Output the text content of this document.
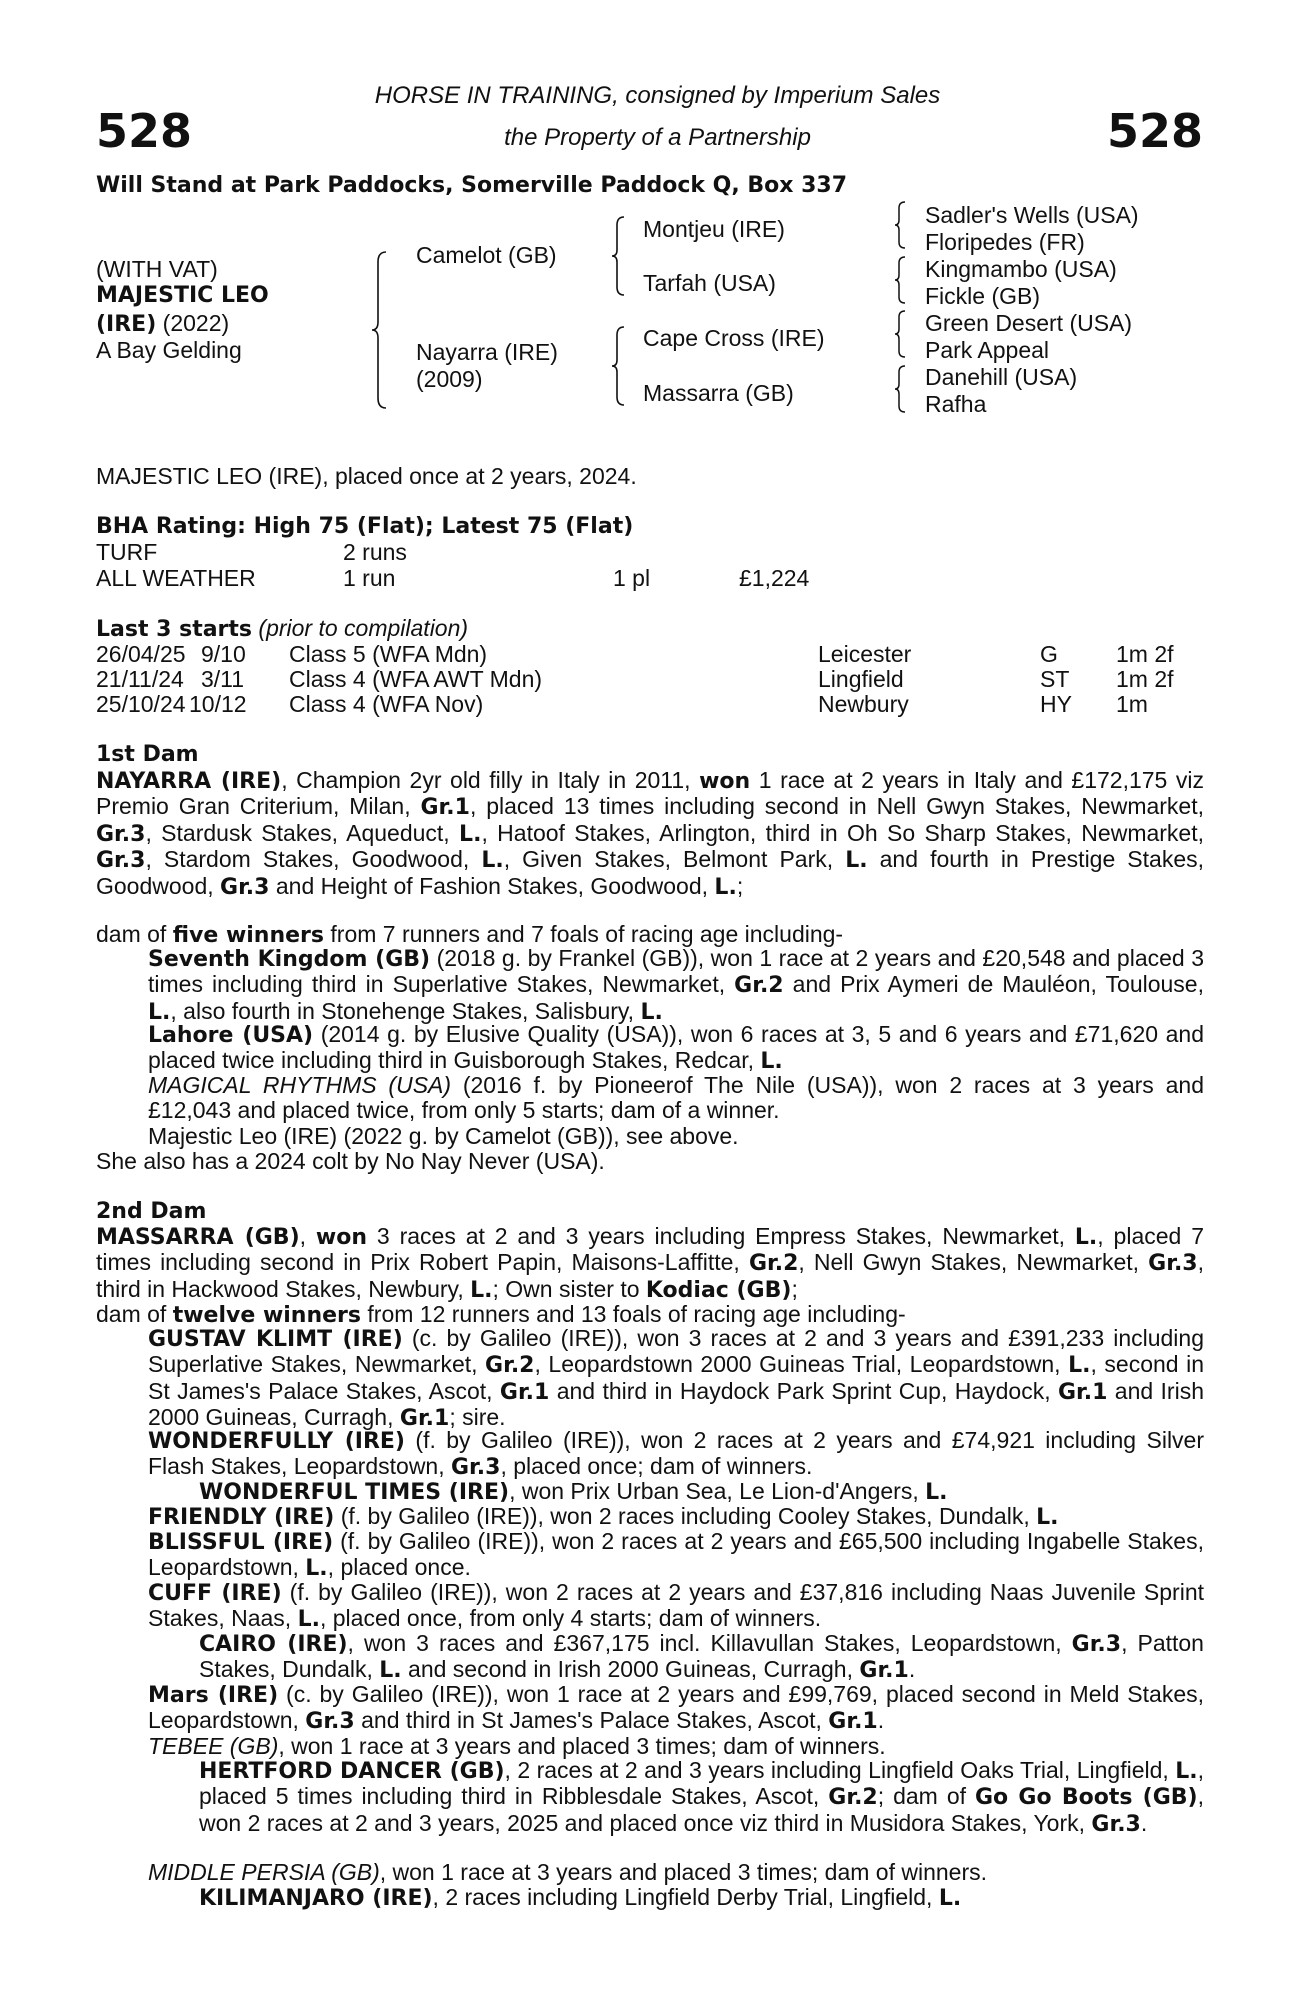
528	528
HORSE IN TRAINING, consigned by Imperium Sales
the Property of a Partnership
Will Stand at Park Paddocks, Somerville Paddock Q, Box 337
(WITH VAT)
MAJESTIC LEO
(IRE) (2022)
A Bay Gelding
Camelot (GB)
Nayarra (IRE)
(2009)
Montjeu (IRE)
Tarfah (USA)
Cape Cross (IRE)
Massarra (GB)
Sadler's Wells (USA)
Floripedes (FR)
Kingmambo (USA)
Fickle (GB)
Green Desert (USA)
Park Appeal
Danehill (USA)
Rafha
MAJESTIC LEO (IRE), placed once at 2 years, 2024.
BHA Rating: High 75 (Flat); Latest 75 (Flat)
TURF	2 runs
ALL WEATHER	1 run	1 pl	£1,224
Last 3 starts (prior to compilation)
26/04/25 9/10 Class 5 (WFA Mdn)	Leicester	G	1m 2f
21/11/24 3/11 Class 4 (WFA AWT Mdn)	Lingfield	ST 1m 2f
25/10/24 10/12 Class 4 (WFA Nov)	Newbury	HY 1m
1st Dam
NAYARRA (IRE), Champion 2yr old filly in Italy in 2011, won 1 race at 2 years in Italy and £172,175 viz Premio Gran Criterium, Milan, Gr.1, placed 13 times including second in Nell Gwyn Stakes, Newmarket, Gr.3, Stardusk Stakes, Aqueduct, L., Hatoof Stakes, Arlington, third in Oh So Sharp Stakes, Newmarket, Gr.3, Stardom Stakes, Goodwood, L., Given Stakes, Belmont Park, L. and fourth in Prestige Stakes, Goodwood, Gr.3 and Height of Fashion Stakes, Goodwood, L.;
dam of five winners from 7 runners and 7 foals of racing age including-
Seventh Kingdom (GB) (2018 g. by Frankel (GB)), won 1 race at 2 years and £20,548 and placed 3 times including third in Superlative Stakes, Newmarket, Gr.2 and Prix Aymeri de Mauléon, Toulouse, L., also fourth in Stonehenge Stakes, Salisbury, L.
Lahore (USA) (2014 g. by Elusive Quality (USA)), won 6 races at 3, 5 and 6 years and £71,620 and placed twice including third in Guisborough Stakes, Redcar, L.
MAGICAL RHYTHMS (USA) (2016 f. by Pioneerof The Nile (USA)), won 2 races at 3 years and £12,043 and placed twice, from only 5 starts; dam of a winner.
Majestic Leo (IRE) (2022 g. by Camelot (GB)), see above.
She also has a 2024 colt by No Nay Never (USA).
2nd Dam
MASSARRA (GB), won 3 races at 2 and 3 years including Empress Stakes, Newmarket, L., placed 7 times including second in Prix Robert Papin, Maisons-Laffitte, Gr.2, Nell Gwyn Stakes, Newmarket, Gr.3, third in Hackwood Stakes, Newbury, L.; Own sister to Kodiac (GB);
dam of twelve winners from 12 runners and 13 foals of racing age including-
GUSTAV KLIMT (IRE) (c. by Galileo (IRE)), won 3 races at 2 and 3 years and £391,233 including Superlative Stakes, Newmarket, Gr.2, Leopardstown 2000 Guineas Trial, Leopardstown, L., second in St James's Palace Stakes, Ascot, Gr.1 and third in Haydock Park Sprint Cup, Haydock, Gr.1 and Irish 2000 Guineas, Curragh, Gr.1; sire.
WONDERFULLY (IRE) (f. by Galileo (IRE)), won 2 races at 2 years and £74,921 including Silver Flash Stakes, Leopardstown, Gr.3, placed once; dam of winners.
WONDERFUL TIMES (IRE), won Prix Urban Sea, Le Lion-d'Angers, L.
FRIENDLY (IRE) (f. by Galileo (IRE)), won 2 races including Cooley Stakes, Dundalk, L.
BLISSFUL (IRE) (f. by Galileo (IRE)), won 2 races at 2 years and £65,500 including Ingabelle Stakes, Leopardstown, L., placed once.
CUFF (IRE) (f. by Galileo (IRE)), won 2 races at 2 years and £37,816 including Naas Juvenile Sprint Stakes, Naas, L., placed once, from only 4 starts; dam of winners.
CAIRO (IRE), won 3 races and £367,175 incl. Killavullan Stakes, Leopardstown, Gr.3, Patton Stakes, Dundalk, L. and second in Irish 2000 Guineas, Curragh, Gr.1.
Mars (IRE) (c. by Galileo (IRE)), won 1 race at 2 years and £99,769, placed second in Meld Stakes, Leopardstown, Gr.3 and third in St James's Palace Stakes, Ascot, Gr.1.
TEBEE (GB), won 1 race at 3 years and placed 3 times; dam of winners.
HERTFORD DANCER (GB), 2 races at 2 and 3 years including Lingfield Oaks Trial, Lingfield, L., placed 5 times including third in Ribblesdale Stakes, Ascot, Gr.2; dam of Go Go Boots (GB), won 2 races at 2 and 3 years, 2025 and placed once viz third in Musidora Stakes, York, Gr.3.
MIDDLE PERSIA (GB), won 1 race at 3 years and placed 3 times; dam of winners.
KILIMANJARO (IRE), 2 races including Lingfield Derby Trial, Lingfield, L.
